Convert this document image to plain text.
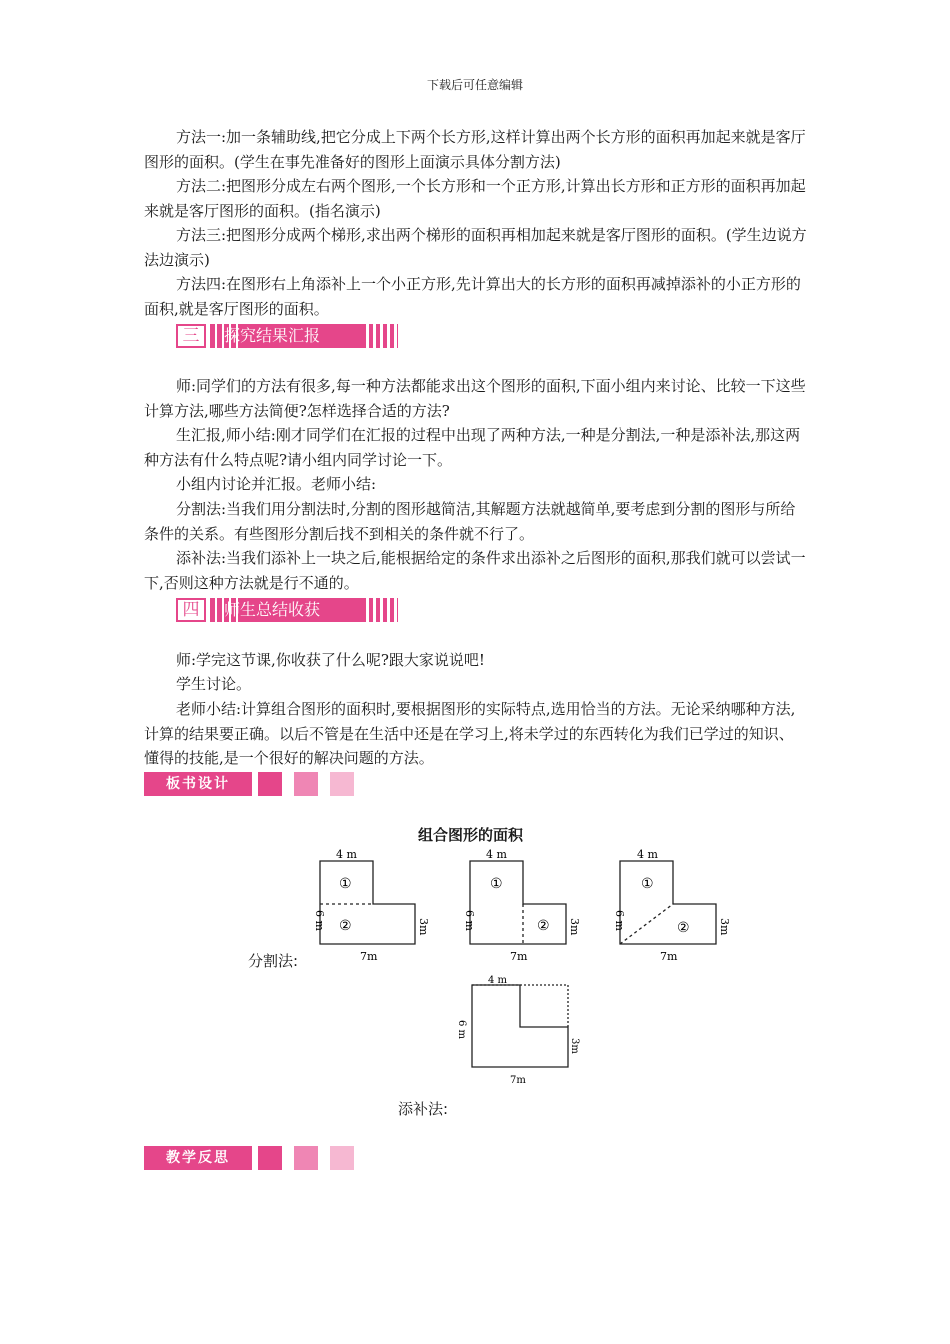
下载后可任意编辑

方法一:加一条辅助线,把它分成上下两个长方形,这样计算出两个长方形的面积再加起来就是客厅图形的面积。(学生在事先准备好的图形上面演示具体分割方法)

方法二:把图形分成左右两个图形,一个长方形和一个正方形,计算出长方形和正方形的面积再加起来就是客厅图形的面积。(指名演示)

方法三:把图形分成两个梯形,求出两个梯形的面积再相加起来就是客厅图形的面积。(学生边说方法边演示)

方法四:在图形右上角添补上一个小正方形,先计算出大的长方形的面积再减掉添补的小正方形的面积,就是客厅图形的面积。

三	探究结果汇报

师:同学们的方法有很多,每一种方法都能求出这个图形的面积,下面小组内来讨论、比较一下这些计算方法,哪些方法简便?怎样选择合适的方法?

生汇报,师小结:刚才同学们在汇报的过程中出现了两种方法,一种是分割法,一种是添补法,那这两种方法有什么特点呢?请小组内同学讨论一下。

小组内讨论并汇报。老师小结:

分割法:当我们用分割法时,分割的图形越简洁,其解题方法就越简单,要考虑到分割的图形与所给条件的关系。有些图形分割后找不到相关的条件就不行了。

添补法:当我们添补上一块之后,能根据给定的条件求出添补之后图形的面积,那我们就可以尝试一下,否则这种方法就是行不通的。

四	师生总结收获

师:学完这节课,你收获了什么呢?跟大家说说吧!

学生讨论。

老师小结:计算组合图形的面积时,要根据图形的实际特点,选用恰当的方法。无论采纳哪种方法,计算的结果要正确。以后不管是在生活中还是在学习上,将未学过的东西转化为我们已学过的知识、懂得的技能,是一个很好的解决问题的方法。

板书设计
组合图形的面积
分割法:
添补法:
4 m
①
②
6 m	3m
7m
4 m
①
②
6 m	3m
7m
4 m
①
②
6 m	3m
7m
4 m
6 m
3m
7m
教学反思
